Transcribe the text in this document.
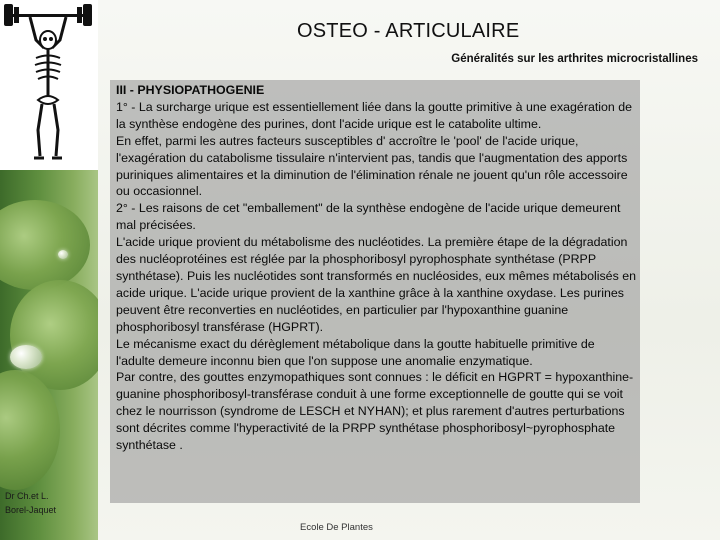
OSTEO - ARTICULAIRE
Généralités sur les arthrites microcristallines

III - PHYSIOPATHOGENIE

1° - La surcharge urique est essentiellement liée dans la goutte primitive à une exagération de la synthèse endogène des purines, dont l'acide urique est le catabolite ultime.

En effet, parmi les autres facteurs susceptibles d' accroître le 'pool' de l'acide urique, l'exagération du catabolisme tissulaire n'intervient pas, tandis que l'augmentation des apports puriniques alimentaires et la diminution de l'élimination rénale ne jouent qu'un rôle accessoire ou occasionnel.

2° - Les raisons de cet "emballement" de la synthèse endogène de l'acide urique demeurent mal précisées.

L'acide urique provient du métabolisme des nucléotides. La première étape de la dégradation des nucléoprotéines est réglée par la phosphoribosyl pyrophosphate synthétase (PRPP synthétase). Puis les nucléotides sont transformés en nucléosides, eux mêmes métabolisés en acide urique. L'acide urique provient de la xanthine grâce à la xanthine oxydase. Les purines peuvent être reconverties en nucléotides, en particulier par l'hypoxanthine guanine phosphoribosyl transférase (HGPRT).

Le mécanisme exact du dérèglement métabolique dans la goutte habituelle primitive de l'adulte demeure inconnu bien que l'on suppose une anomalie enzymatique.

Par contre, des gouttes enzymopathiques sont connues : le déficit en HGPRT = hypoxanthine-guanine phosphoribosyl-transférase conduit à une forme exceptionnelle de goutte qui se voit chez le nourrisson (syndrome de LESCH et NYHAN); et plus rarement d'autres perturbations sont décrites comme l'hyperactivité de la PRPP synthétase phosphoribosyl~pyrophosphate synthétase .

Dr Ch.et L.
Borel-Jaquet
Ecole De Plantes
